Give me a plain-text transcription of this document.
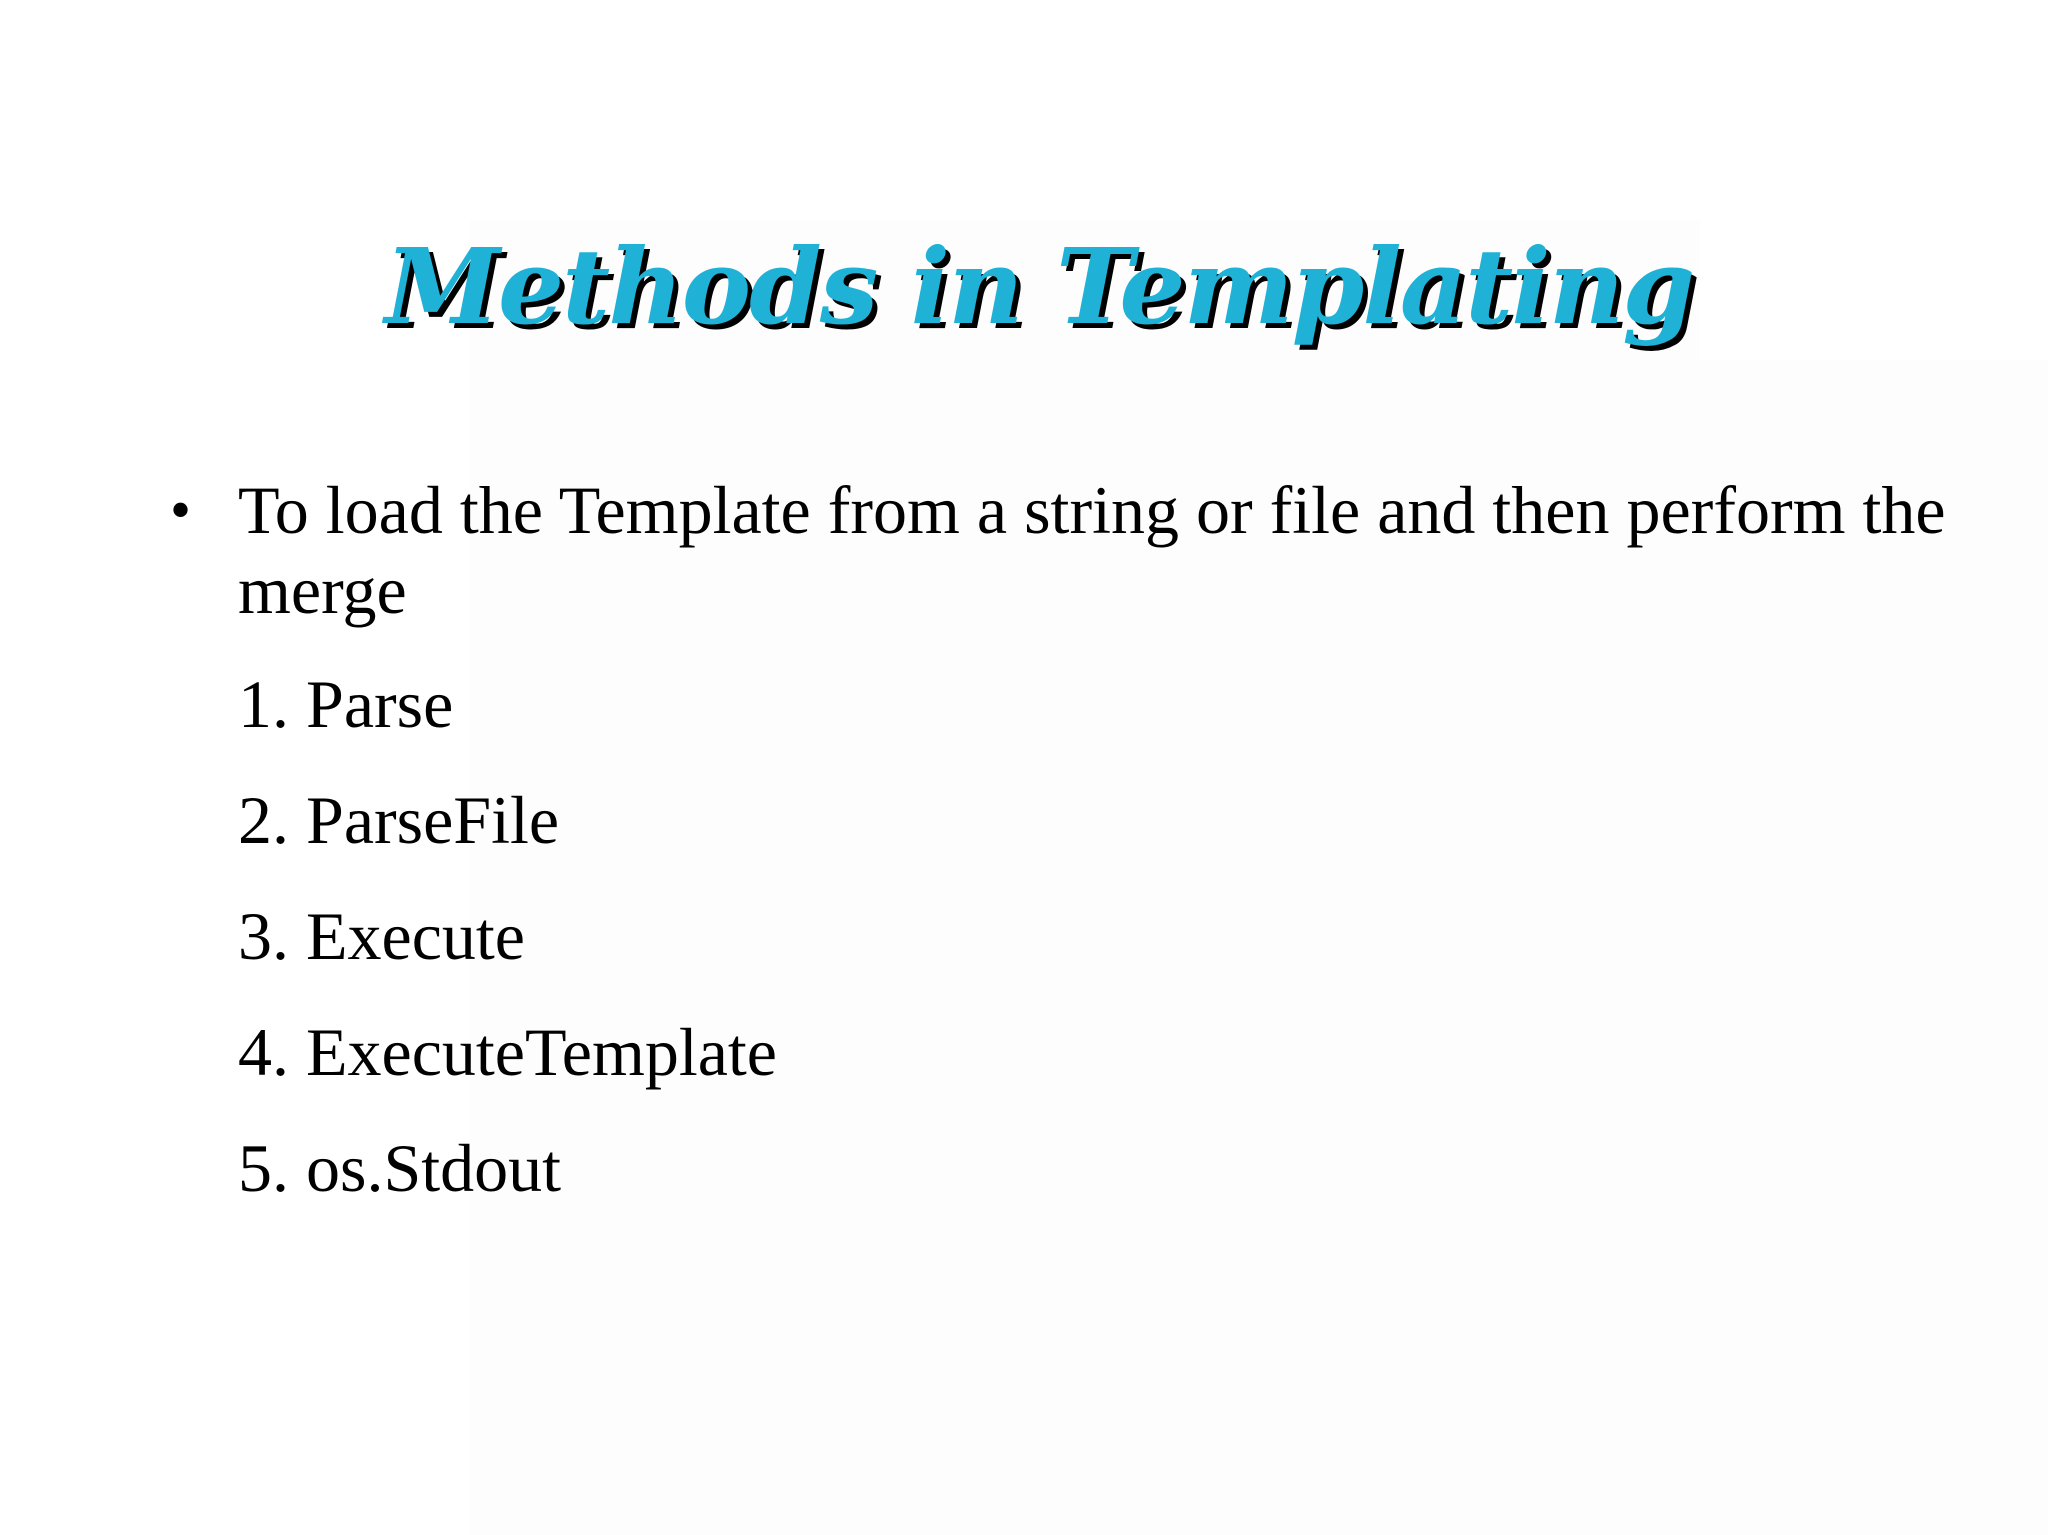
Methods in Templating
• To load the Template from a string or file and then perform the merge
1. Parse
2. ParseFile
3. Execute
4. ExecuteTemplate
5. os.Stdout
